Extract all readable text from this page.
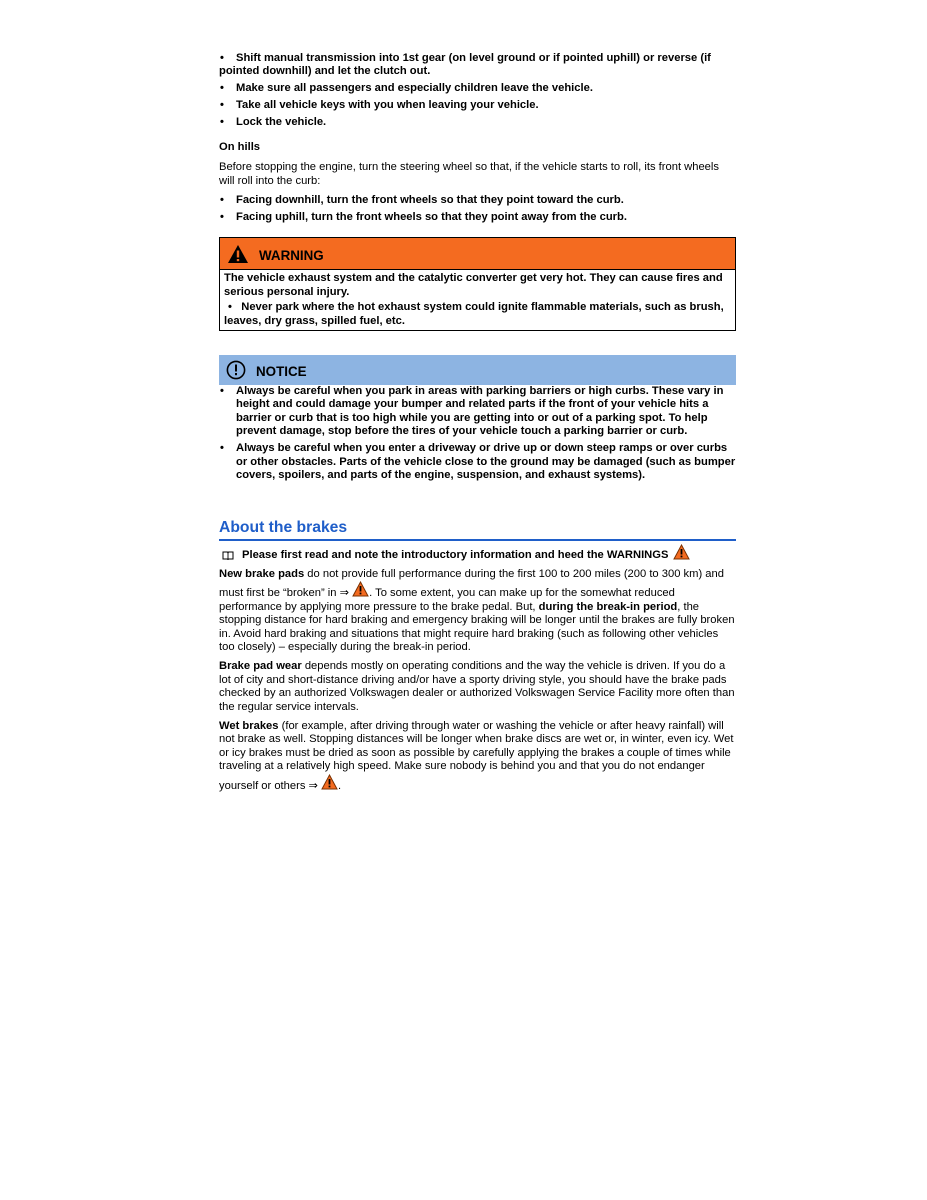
• Shift manual transmission into 1st gear (on level ground or if pointed uphill) or reverse (if pointed downhill) and let the clutch out.
• Make sure all passengers and especially children leave the vehicle.
• Take all vehicle keys with you when leaving your vehicle.
• Lock the vehicle.

On hills

Before stopping the engine, turn the steering wheel so that, if the vehicle starts to roll, its front wheels will roll into the curb:

• Facing downhill, turn the front wheels so that they point toward the curb.
• Facing uphill, turn the front wheels so that they point away from the curb.
WARNING

The vehicle exhaust system and the catalytic converter get very hot. They can cause fires and serious personal injury.

•   Never park where the hot exhaust system could ignite flammable materials, such as brush, leaves, dry grass, spilled fuel, etc.

NOTICE
• Always be careful when you park in areas with parking barriers or high curbs. These vary in height and could damage your bumper and related parts if the front of your vehicle hits a barrier or curb that is too high while you are getting into or out of a parking spot. To help prevent damage, stop before the tires of your vehicle touch a parking barrier or curb.
• Always be careful when you enter a driveway or drive up or down steep ramps or over curbs or other obstacles. Parts of the vehicle close to the ground may be damaged (such as bumper covers, spoilers, and parts of the engine, suspension, and exhaust systems).
About the brakes
Please first read and note the introductory information and heed the WARNINGS

New brake pads do not provide full performance during the first 100 to 200 miles (200 to 300 km) and must first be “broken” in ⇒ . To some extent, you can make up for the somewhat reduced performance by applying more pressure to the brake pedal. But, during the break-in period, the stopping distance for hard braking and emergency braking will be longer until the brakes are fully broken in. Avoid hard braking and situations that might require hard braking (such as following other vehicles too closely) – especially during the break-in period.

Brake pad wear depends mostly on operating conditions and the way the vehicle is driven. If you do a lot of city and short-distance driving and/or have a sporty driving style, you should have the brake pads checked by an authorized Volkswagen dealer or authorized Volkswagen Service Facility more often than the regular service intervals.

Wet brakes (for example, after driving through water or washing the vehicle or after heavy rainfall) will not brake as well. Stopping distances will be longer when brake discs are wet or, in winter, even icy. Wet or icy brakes must be dried as soon as possible by carefully applying the brakes a couple of times while traveling at a relatively high speed. Make sure nobody is behind you and that you do not endanger yourself or others ⇒ .
